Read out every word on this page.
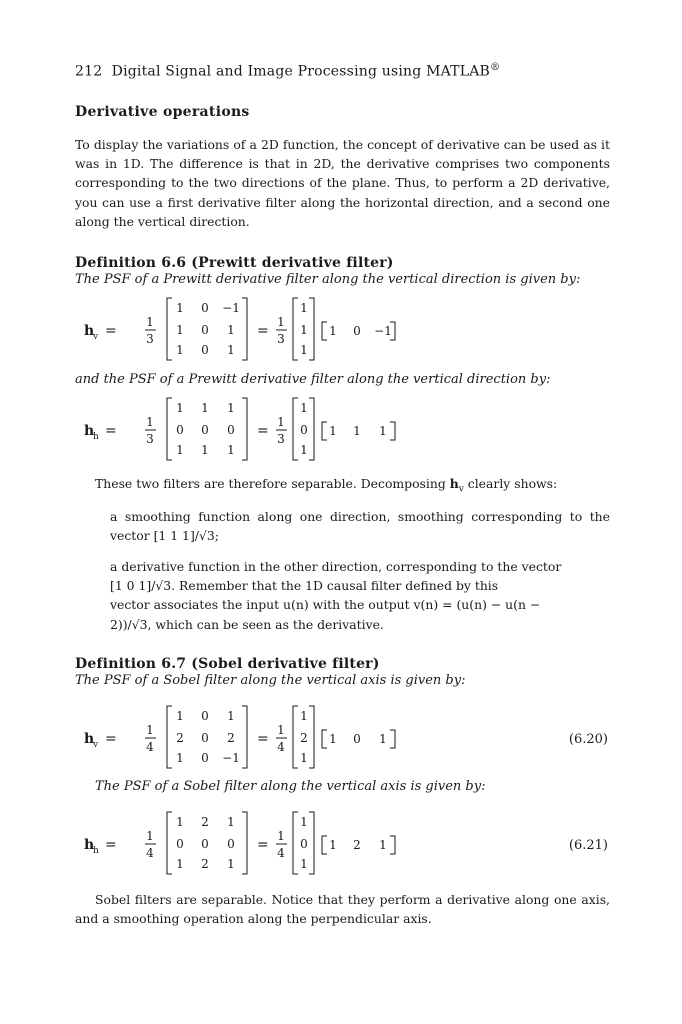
212 Digital Signal and Image Processing using MATLAB®
Derivative operations
To display the variations of a 2D function, the concept of derivative can be used as it was in 1D. The difference is that in 2D, the derivative comprises two components corresponding to the two directions of the plane. Thus, to perform a 2D derivative, you can use a first derivative filter along the horizontal direction, and a second one along the vertical direction.
Definition 6.6 (Prewitt derivative filter)
The PSF of a Prewitt derivative filter along the vertical direction is given by:
h
v =
1
3
1 0 −1
1 0 1
1 0 1
=
1
3
1
1
1
1 0 −1
and the PSF of a Prewitt derivative filter along the vertical direction by:
h
h =
1
3
1 1 1
0 0 0
1 1 1
=
1
3
1
0
1
1 1 1
These two filters are therefore separable. Decomposing $h_v$ clearly shows:
a smoothing function along one direction, smoothing corresponding to the vector [1 1 1]/√3;
a derivative function in the other direction, corresponding to the vector
[1 0 1]/√3. Remember that the 1D causal filter defined by this
vector associates the input u(n) with the output v(n) = (u(n) − u(n −
2))/√3, which can be seen as the derivative.
Definition 6.7 (Sobel derivative filter)
The PSF of a Sobel filter along the vertical axis is given by:
h
v =
1
4
1 0 1
2 0 2
1 0 −1
=
1
4
1
2
1
1 0 1	(6.20)
The PSF of a Sobel filter along the vertical axis is given by:
h
h =
1
4
1 2 1
0 0 0
1 2 1
=
1
4
1
0
1
1 2 1	(6.21)
Sobel filters are separable. Notice that they perform a derivative along one axis, and a smoothing operation along the perpendicular axis.
